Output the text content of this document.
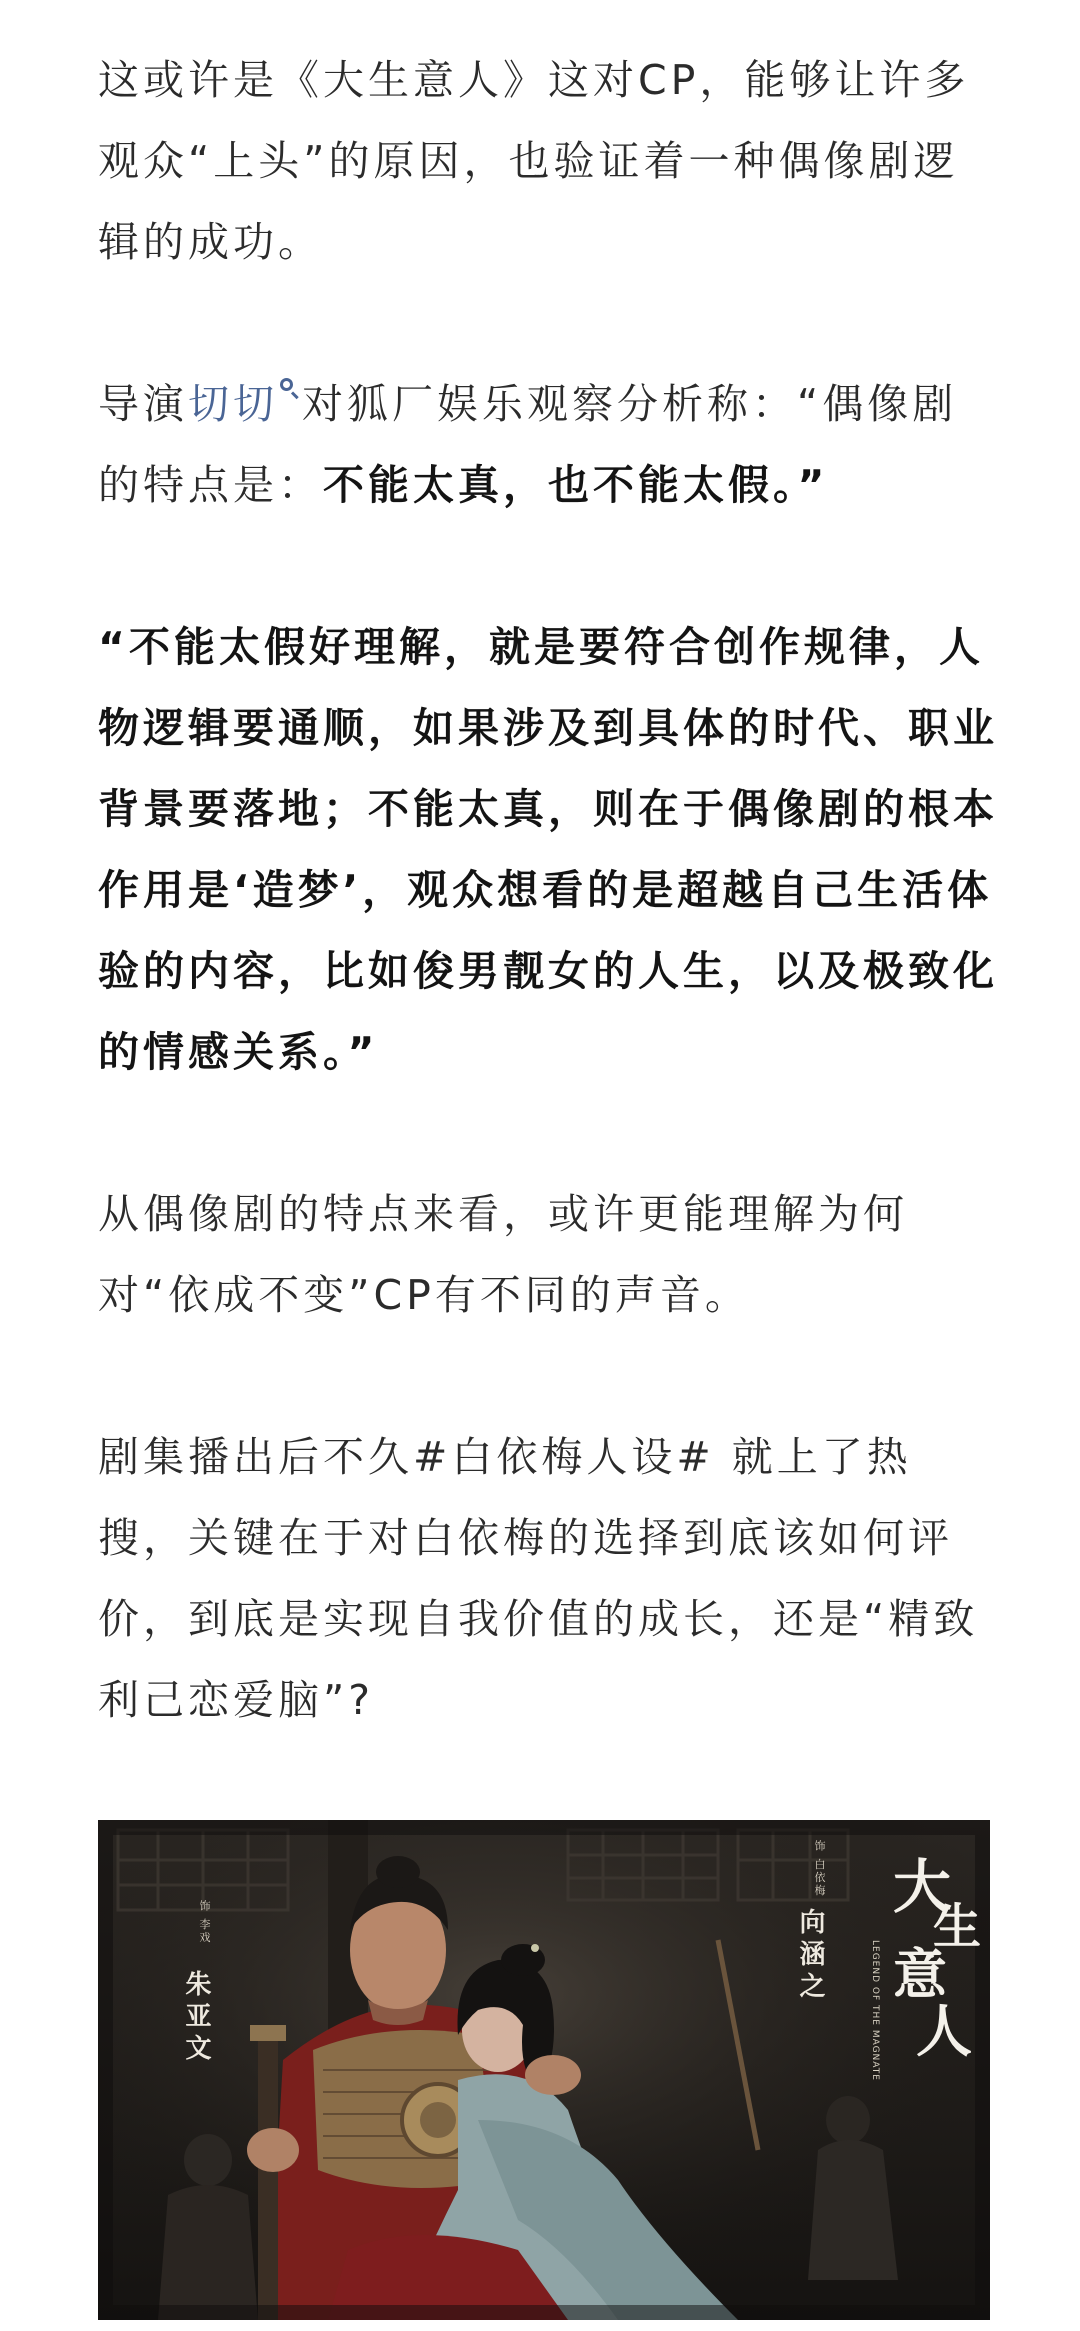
这或许是《大生意人》这对CP，能够让许多观众“上头”的原因，也验证着一种偶像剧逻辑的成功。

导演切切 对狐厂娱乐观察分析称：“偶像剧的特点是：不能太真，也不能太假。”

“不能太假好理解，就是要符合创作规律，人物逻辑要通顺，如果涉及到具体的时代、职业背景要落地；不能太真，则在于偶像剧的根本作用是‘造梦’，观众想看的是超越自己生活体验的内容，比如俊男靓女的人生，以及极致化的情感关系。”

从偶像剧的特点来看，或许更能理解为何对“依成不变”CP有不同的声音。

剧集播出后不久#白依梅人设# 就上了热搜，关键在于对白依梅的选择到底该如何评价，到底是实现自我价值的成长，还是“精致利己恋爱脑”?

大
生
意
人
LEGEND OF THE MAGNATE
饰 李戏
朱亚文
饰 白依梅
向涵之
